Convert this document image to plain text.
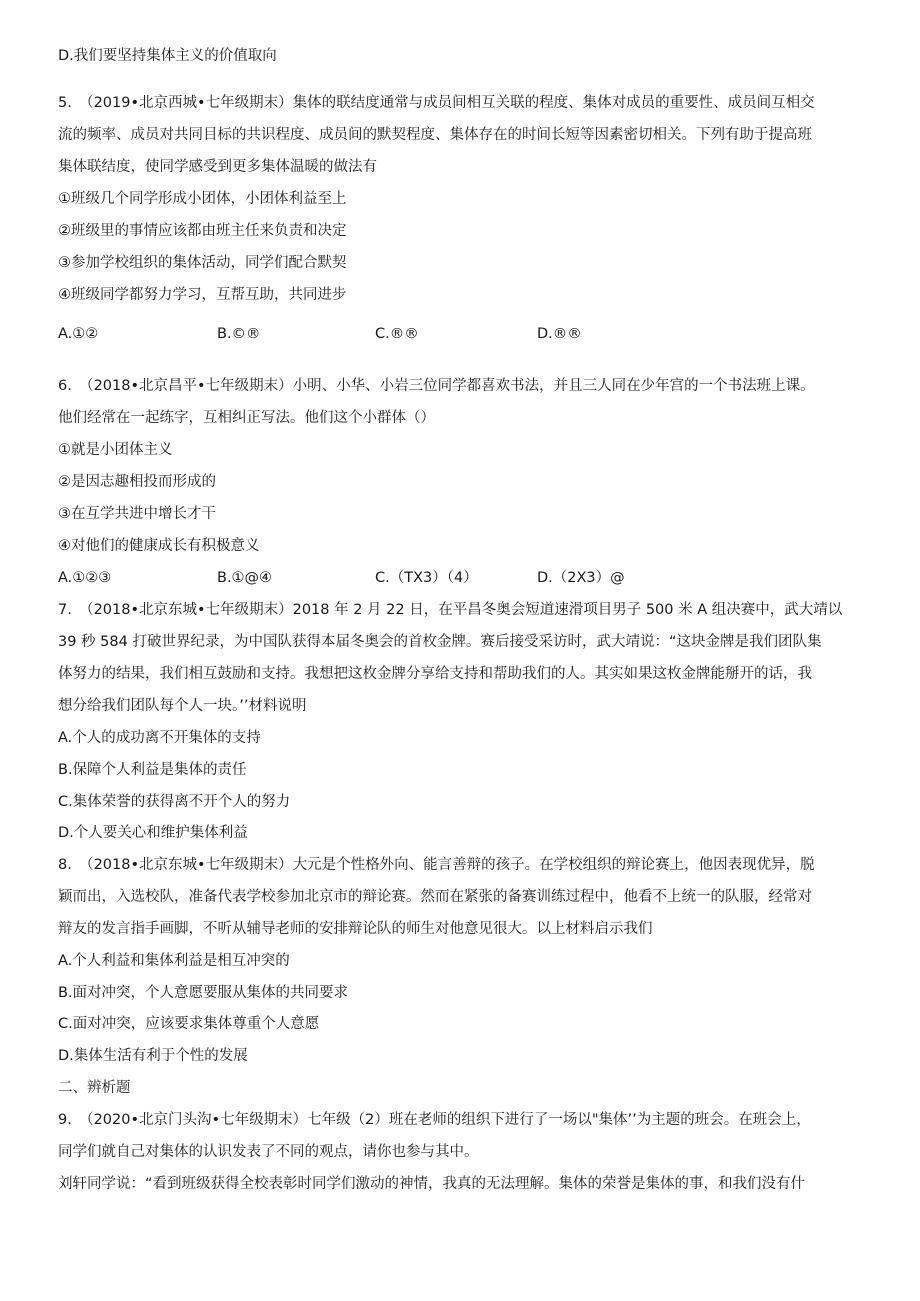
D.我们要坚持集体主义的价值取向
5.　（2019•北京西城•七年级期末）集体的联结度通常与成员间相互关联的程度、集体对成员的重要性、成员间互相交
流的频率、成员对共同目标的共识程度、成员间的默契程度、集体存在的时间长短等因素密切相关。下列有助于提高班
集体联结度，使同学感受到更多集体温暖的做法有
①班级几个同学形成小团体，小团体利益至上
②班级里的事情应该都由班主任来负责和决定
③参加学校组织的集体活动，同学们配合默契
④班级同学都努力学习，互帮互助，共同进步
A.①②	B.©®	C.®®	D.®®
6.　（2018•北京昌平•七年级期末）小明、小华、小岩三位同学都喜欢书法，并且三人同在少年宫的一个书法班上课。
他们经常在一起练字，互相纠正写法。他们这个小群体（）
①就是小团体主义
②是因志趣相投而形成的
③在互学共进中增长才干
④对他们的健康成长有积极意义
A.①②③	B.①@④	C.（TX3）（4）	D.（2X3）@
7.　（2018•北京东城•七年级期末）2018 年 2 月 22 日，在平昌冬奥会短道速滑项目男子 500 米 A 组决赛中，武大靖以
39 秒 584 打破世界纪录，为中国队获得本届冬奥会的首枚金牌。赛后接受采访时，武大靖说：“这块金牌是我们团队集
体努力的结果，我们相互鼓励和支持。我想把这枚金牌分享给支持和帮助我们的人。其实如果这枚金牌能掰开的话，我
想分给我们团队每个人一块。’’材料说明
A.个人的成功离不开集体的支持
B.保障个人利益是集体的责任
C.集体荣誉的获得离不开个人的努力
D.个人要关心和维护集体利益
8.　（2018•北京东城•七年级期末）大元是个性格外向、能言善辩的孩子。在学校组织的辩论赛上，他因表现优异，脱
颖而出，入选校队，准备代表学校参加北京市的辩论赛。然而在紧张的备赛训练过程中，他看不上统一的队服，经常对
辩友的发言指手画脚，不听从辅导老师的安排辩论队的师生对他意见很大。以上材料启示我们
A.个人利益和集体利益是相互冲突的
B.面对冲突，个人意愿要服从集体的共同要求
C.面对冲突，应该要求集体尊重个人意愿
D.集体生活有利于个性的发展
二、辨析题
9.　（2020•北京门头沟•七年级期末）七年级（2）班在老师的组织下进行了一场以"集体’’为主题的班会。在班会上，
同学们就自己对集体的认识发表了不同的观点，请你也参与其中。
刘轩同学说：“看到班级获得全校表彰时同学们激动的神情，我真的无法理解。集体的荣誉是集体的事，和我们没有什
